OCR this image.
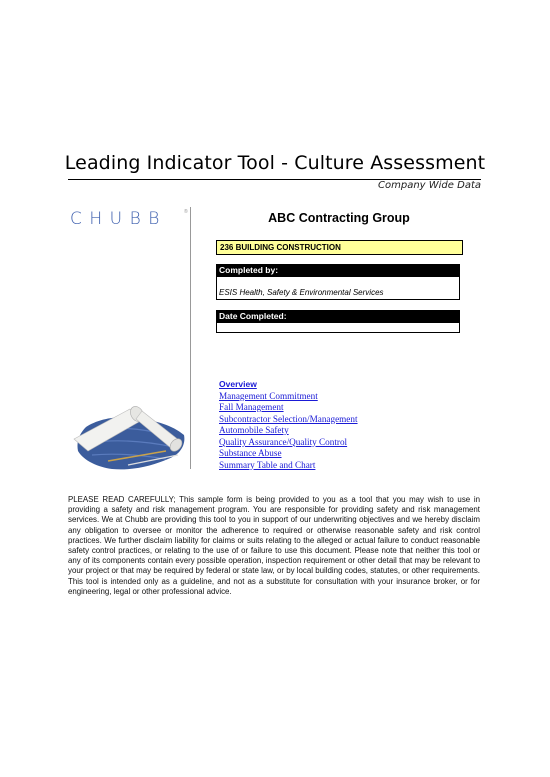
Leading Indicator Tool - Culture Assessment
Company Wide Data
CHUBB	®	ABC Contracting Group
236 BUILDING CONSTRUCTION
Completed by:
ESIS Health, Safety & Environmental Services
Date Completed:
Overview
Management Commitment
Fall Management
Subcontractor Selection/Management
Automobile Safety
Quality Assurance/Quality Control
Substance Abuse
Summary Table and Chart
PLEASE READ CAREFULLY; This sample form is being provided to you as a tool that you may wish to use in providing a safety and risk management program. You are responsible for providing safety and risk management services. We at Chubb are providing this tool to you in support of our underwriting objectives and we hereby disclaim any obligation to oversee or monitor the adherence to required or otherwise reasonable safety and risk control practices. We further disclaim liability for claims or suits relating to the alleged or actual failure to conduct reasonable safety control practices, or relating to the use of or failure to use this document. Please note that neither this tool or any of its components contain every possible operation, inspection requirement or other detail that may be relevant to your project or that may be required by federal or state law, or by local building codes, statutes, or other requirements. This tool is intended only as a guideline, and not as a substitute for consultation with your insurance broker, or for engineering, legal or other professional advice.
